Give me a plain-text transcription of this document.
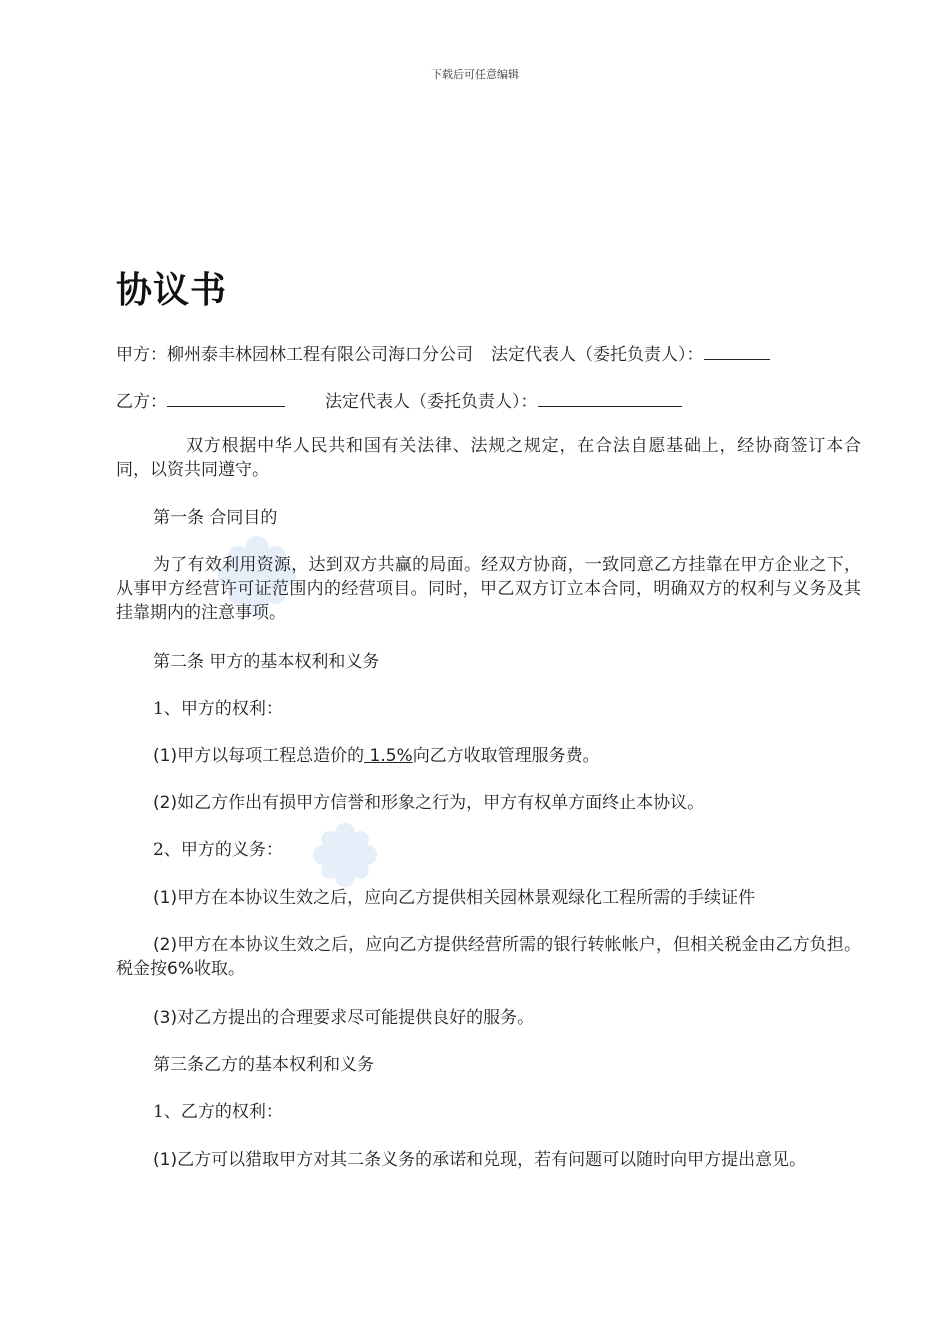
下载后可任意编辑
协议书
甲方：柳州泰丰林园林工程有限公司海口分公司 法定代表人（委托负责人）：
乙方：	法定代表人（委托负责人）：
双方根据中华人民共和国有关法律、法规之规定，在合法自愿基础上，经协商签订本合同，以资共同遵守。
第一条 合同目的
为了有效利用资源，达到双方共赢的局面。经双方协商，一致同意乙方挂靠在甲方企业之下，从事甲方经营许可证范围内的经营项目。同时，甲乙双方订立本合同，明确双方的权利与义务及其挂靠期内的注意事项。
第二条 甲方的基本权利和义务
1、甲方的权利：
(1)甲方以每项工程总造价的 1.5%向乙方收取管理服务费。
(2)如乙方作出有损甲方信誉和形象之行为，甲方有权单方面终止本协议。
2、甲方的义务：
(1)甲方在本协议生效之后，应向乙方提供相关园林景观绿化工程所需的手续证件
(2)甲方在本协议生效之后，应向乙方提供经营所需的银行转帐帐户，但相关税金由乙方负担。税金按6%收取。
(3)对乙方提出的合理要求尽可能提供良好的服务。
第三条乙方的基本权利和义务
1、乙方的权利：
(1)乙方可以猎取甲方对其二条义务的承诺和兑现，若有问题可以随时向甲方提出意见。
